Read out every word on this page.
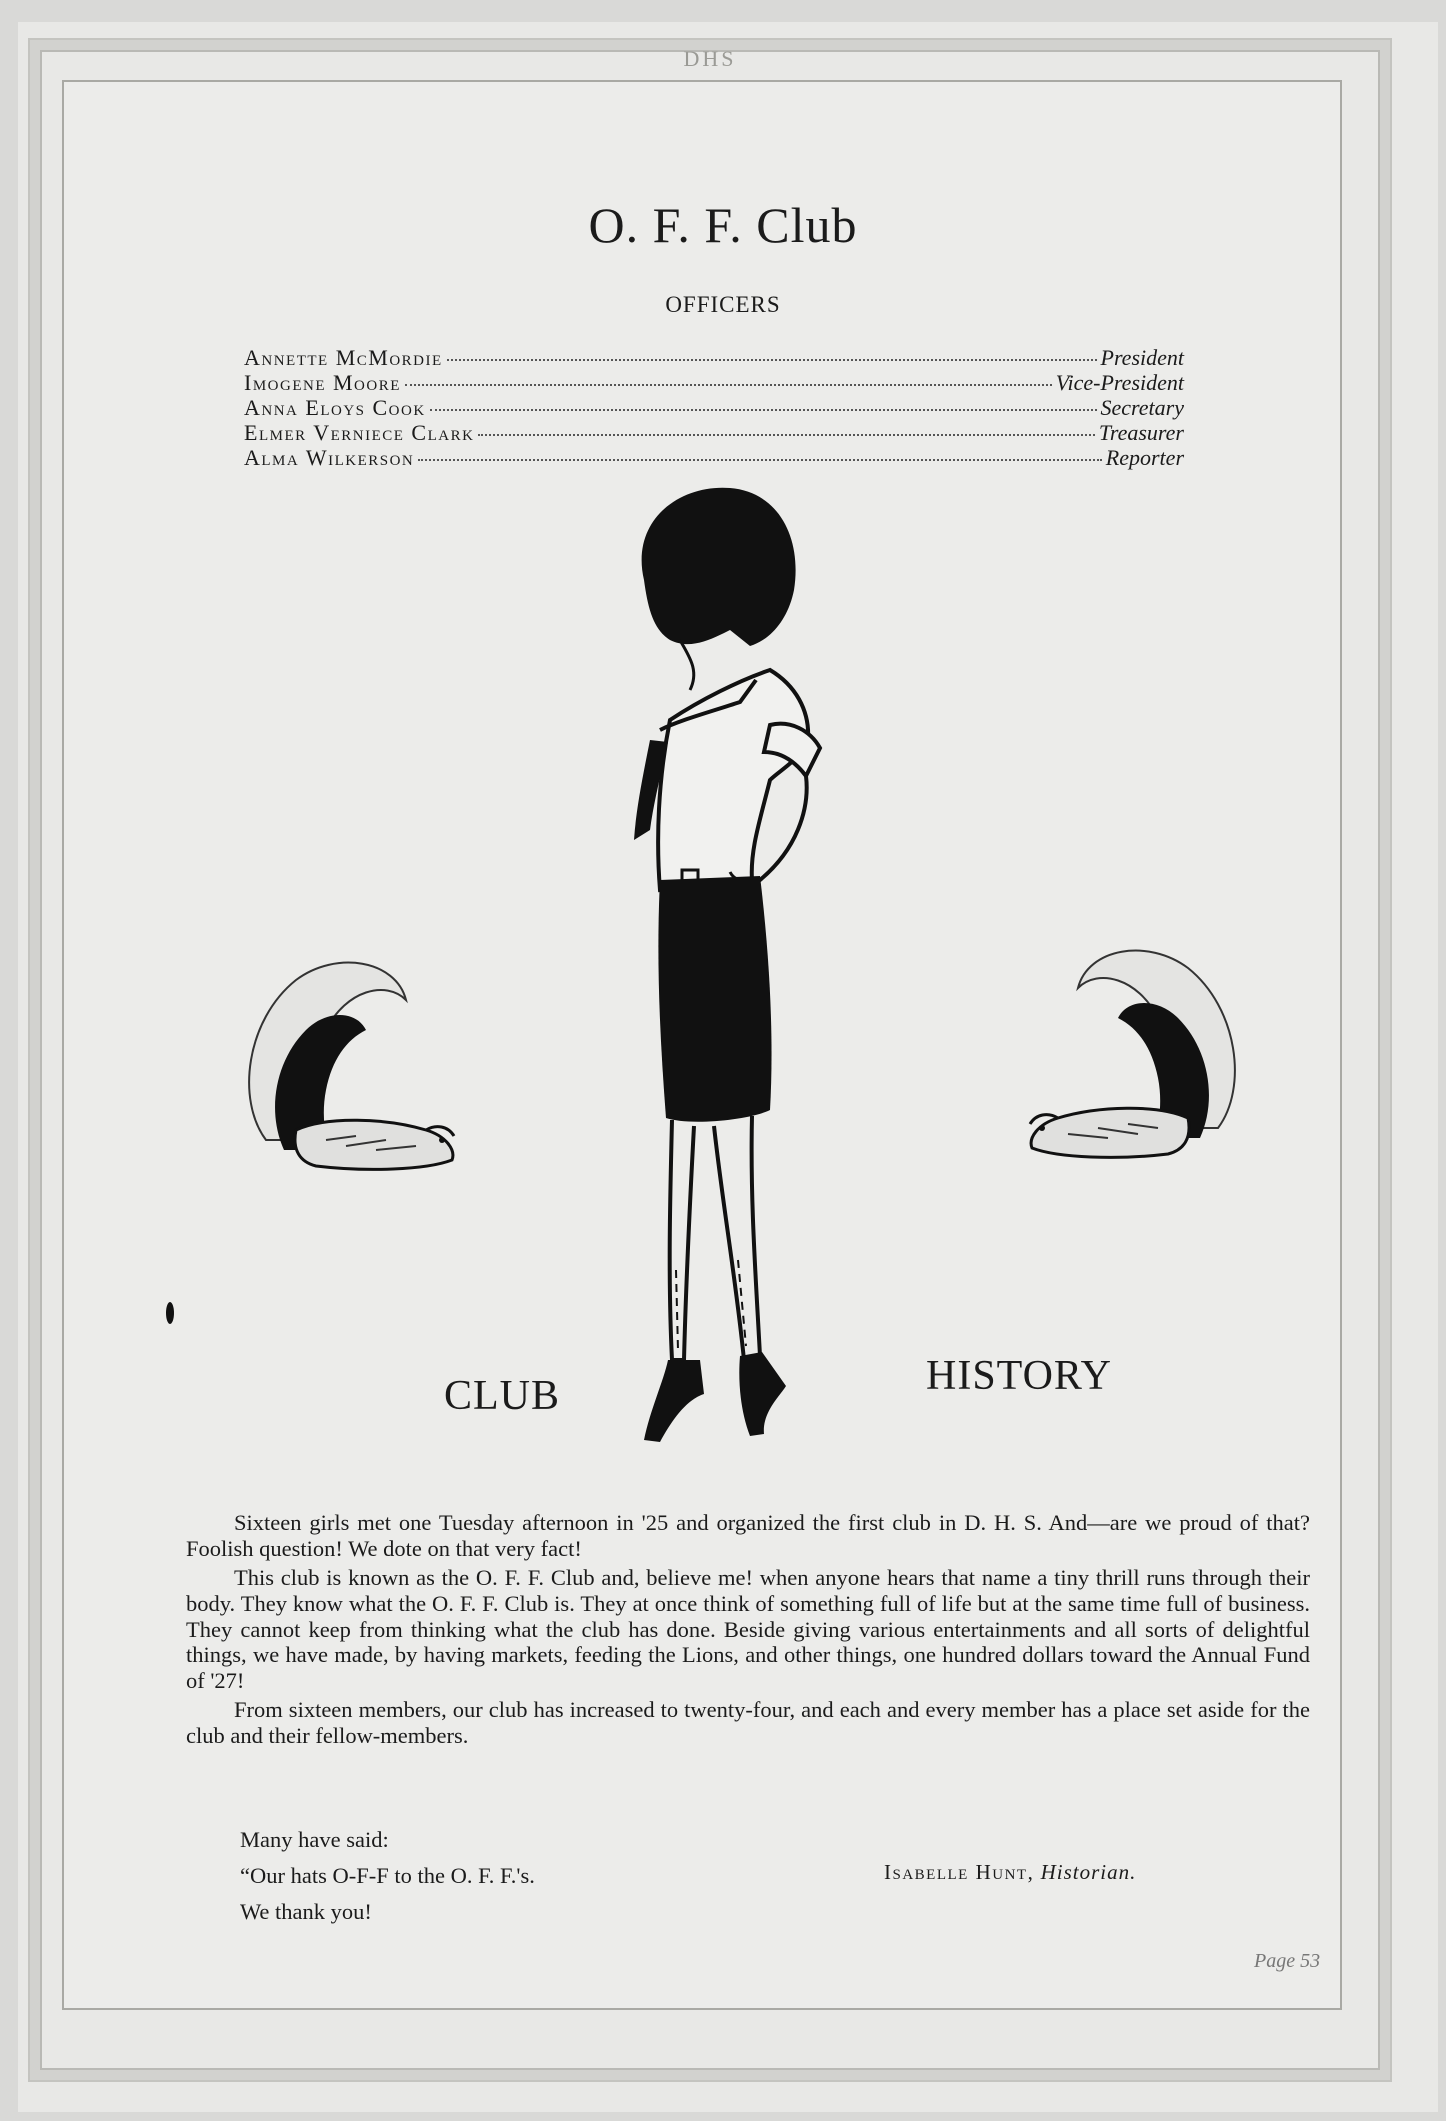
DHS
O. F. F. Club
OFFICERS
Annette McMordie	President
Imogene Moore	Vice-President
Anna Eloys Cook	Secretary
Elmer Verniece Clark	Treasurer
Alma Wilkerson	Reporter
CLUB	HISTORY

Sixteen girls met one Tuesday afternoon in '25 and organized the first club in D. H. S. And—are we proud of that? Foolish question! We dote on that very fact!

This club is known as the O. F. F. Club and, believe me! when anyone hears that name a tiny thrill runs through their body. They know what the O. F. F. Club is. They at once think of something full of life but at the same time full of business. They cannot keep from thinking what the club has done. Beside giving various entertainments and all sorts of delightful things, we have made, by having markets, feeding the Lions, and other things, one hundred dollars toward the Annual Fund of '27!

From sixteen members, our club has increased to twenty-four, and each and every member has a place set aside for the club and their fellow-members.

Many have said:
“Our hats O-F-F to the O. F. F.'s.
We thank you!
Isabelle Hunt, Historian.
Page 53
